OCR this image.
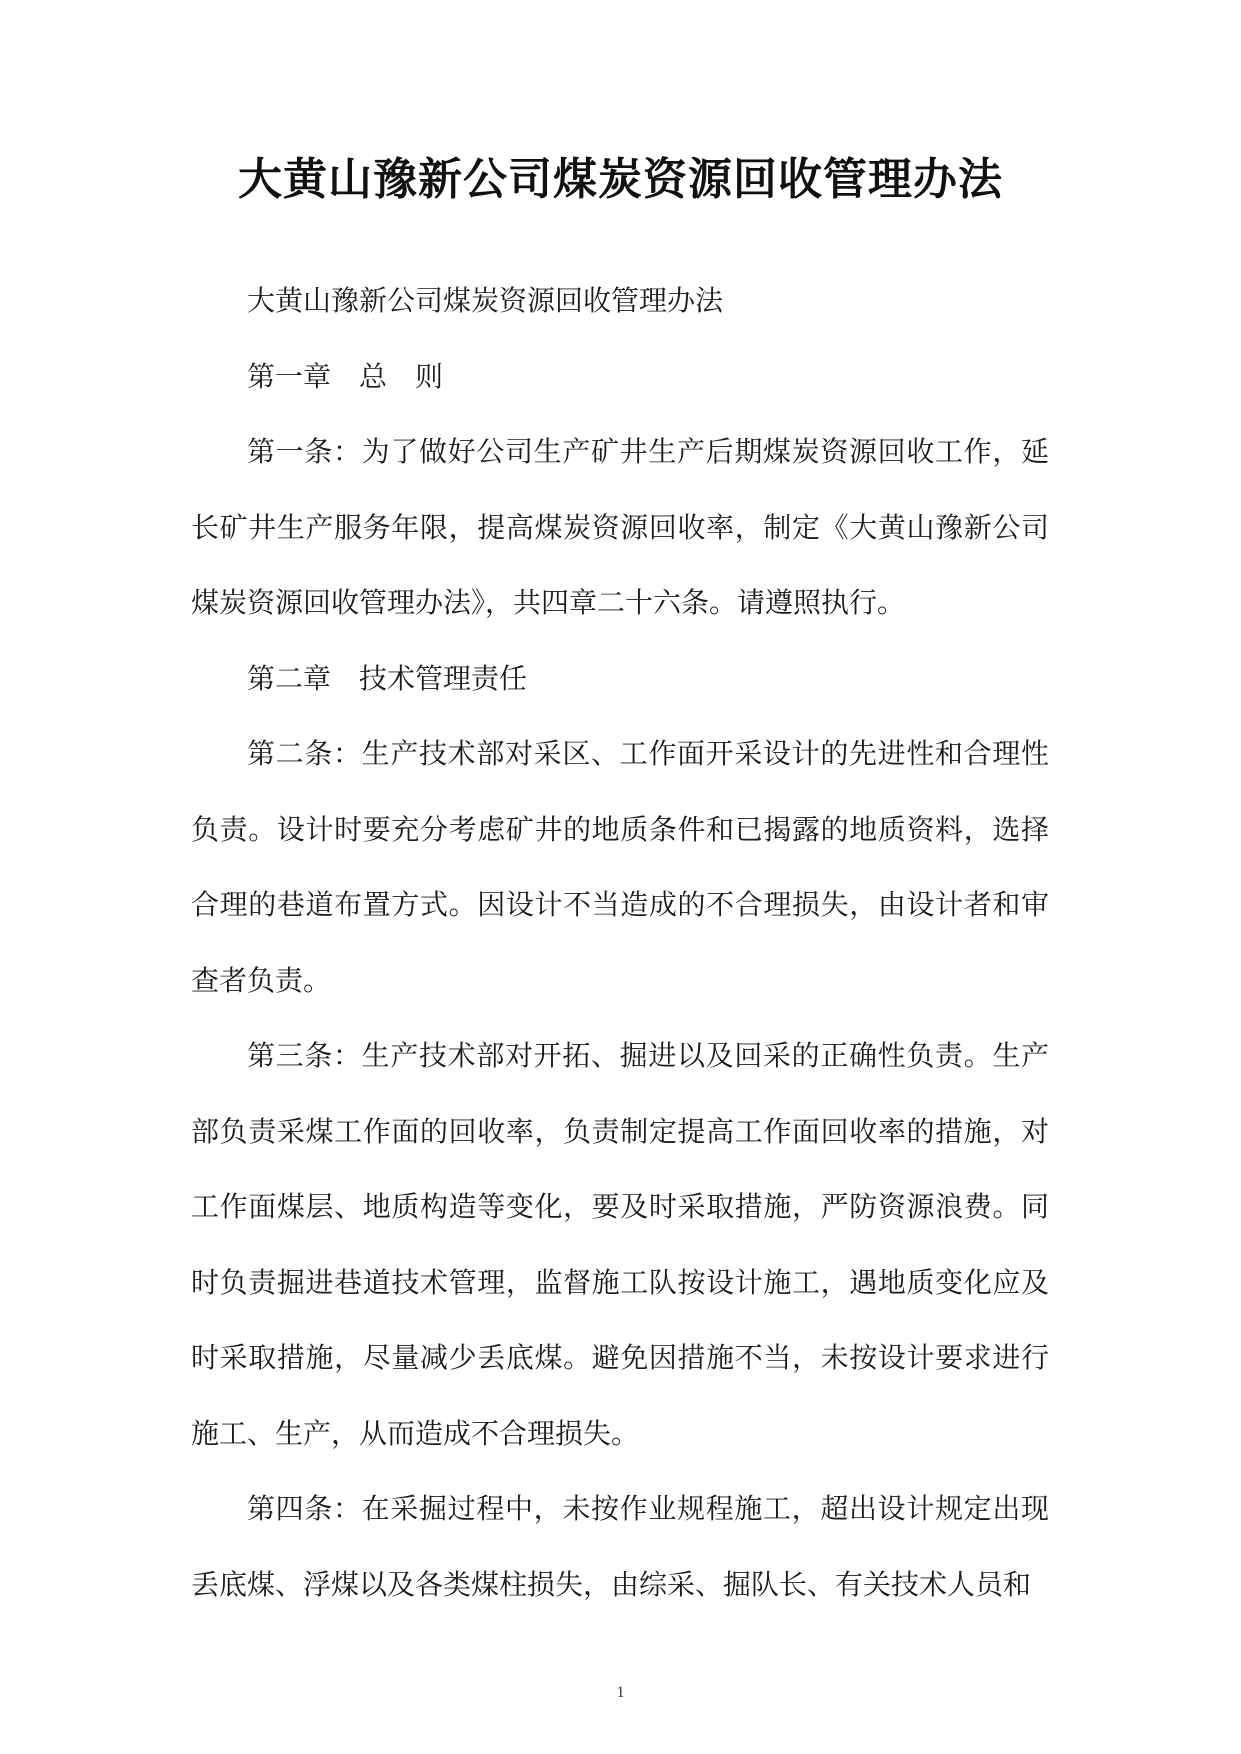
大黄山豫新公司煤炭资源回收管理办法

大黄山豫新公司煤炭资源回收管理办法

第一章　总　则

第一条：为了做好公司生产矿井生产后期煤炭资源回收工作，延长矿井生产服务年限，提高煤炭资源回收率，制定《大黄山豫新公司煤炭资源回收管理办法》，共四章二十六条。请遵照执行。

第二章　技术管理责任

第二条：生产技术部对采区、工作面开采设计的先进性和合理性负责。设计时要充分考虑矿井的地质条件和已揭露的地质资料，选择合理的巷道布置方式。因设计不当造成的不合理损失，由设计者和审查者负责。

第三条：生产技术部对开拓、掘进以及回采的正确性负责。生产部负责采煤工作面的回收率，负责制定提高工作面回收率的措施，对工作面煤层、地质构造等变化，要及时采取措施，严防资源浪费。同时负责掘进巷道技术管理，监督施工队按设计施工，遇地质变化应及时采取措施，尽量减少丢底煤。避免因措施不当，未按设计要求进行施工、生产，从而造成不合理损失。

第四条：在采掘过程中，未按作业规程施工，超出设计规定出现丢底煤、浮煤以及各类煤柱损失，由综采、掘队长、有关技术人员和

1
